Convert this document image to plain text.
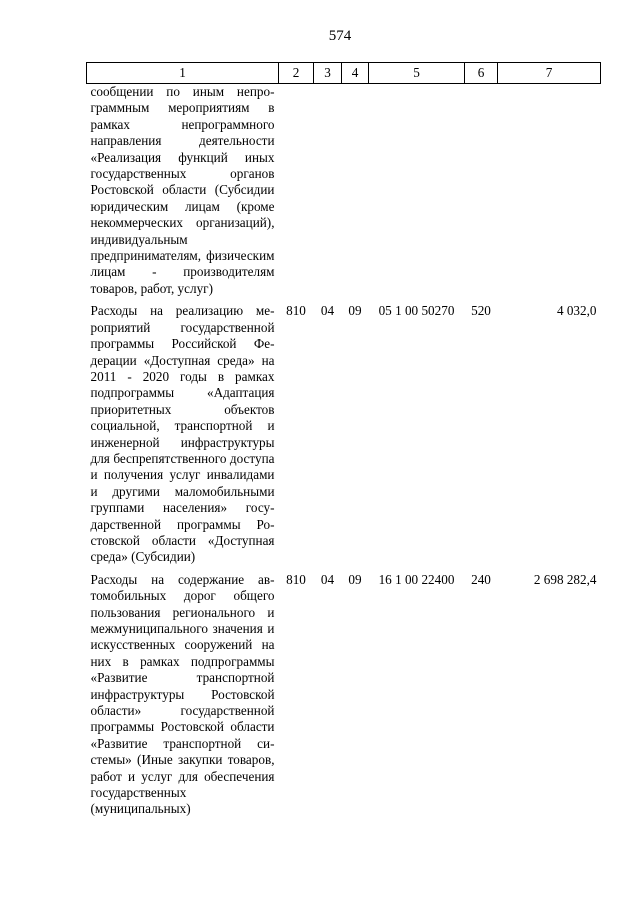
574
1	2	3	4	5	6	7
сообщении по иным непрограммным мероприятиям в рамках непрограммного направления деятельности «Реализация функций иных государственных органов Ростовской области (Субсидии юридическим лицам (кроме некоммерческих организаций), индивидуальным предпринимателям, физическим лицам - производителям товаров, работ, услуг)						
Расходы на реализацию мероприятий государственной программы Российской Федерации «Доступная среда» на 2011 - 2020 годы в рамках подпрограммы «Адаптация приоритетных объектов социальной, транспортной и инженерной инфраструктуры для беспрепятственного доступа и получения услуг инвалидами и другими маломобильными группами населения» государственной программы Ростовской области «Доступная среда» (Субсидии)	810	04	09	05 1 00 50270	520	4 032,0
Расходы на содержание автомобильных дорог общего пользования регионального и межмуниципального значения и искусственных сооружений на них в рамках подпрограммы «Развитие транспортной инфраструктуры Ростовской области» государственной программы Ростовской области «Развитие транспортной системы» (Иные закупки товаров, работ и услуг для обеспечения государственных (муниципальных)	810	04	09	16 1 00 22400	240	2 698 282,4
